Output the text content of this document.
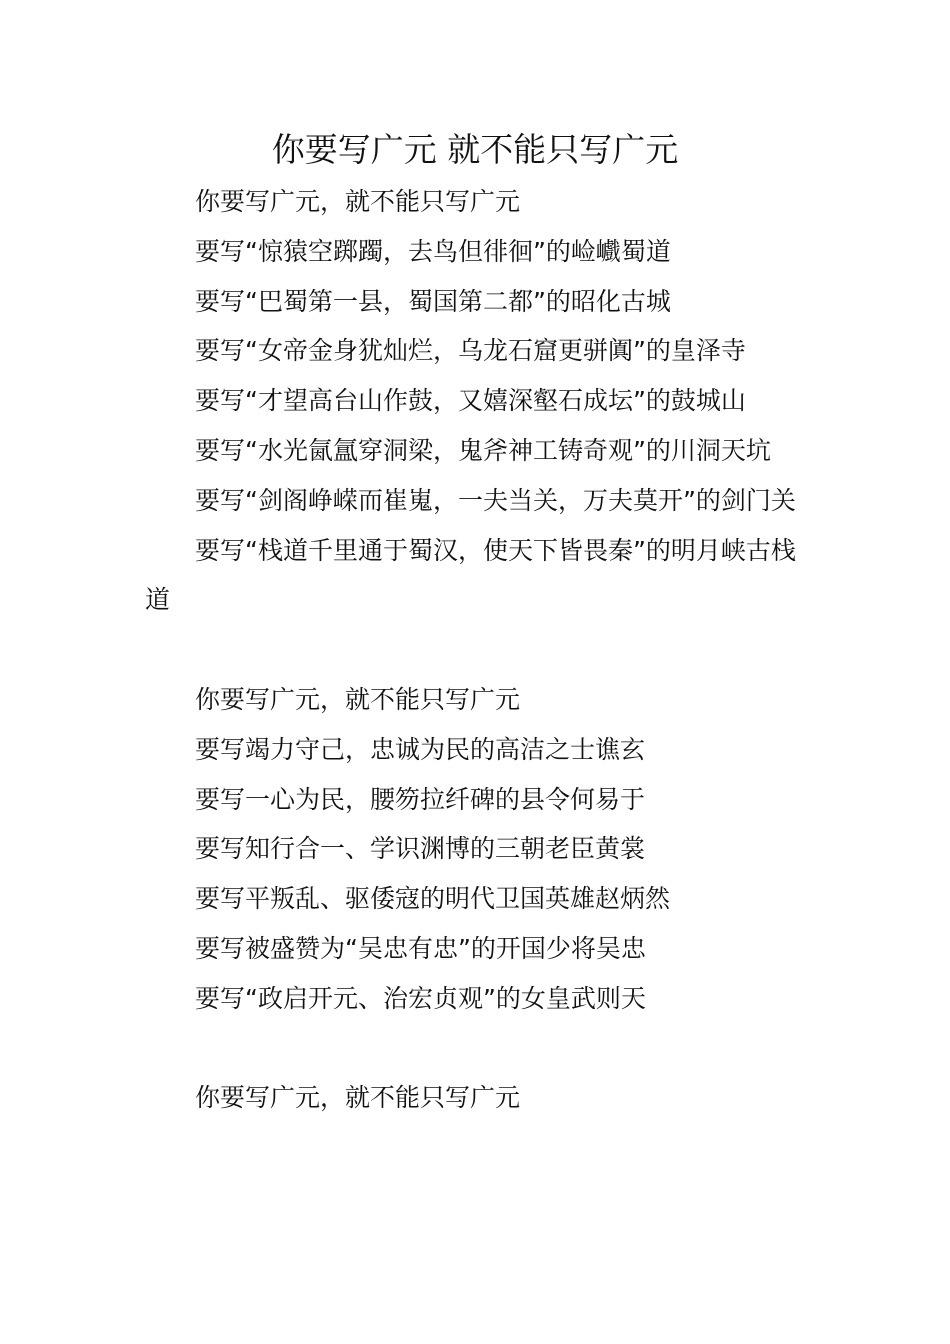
你要写广元 就不能只写广元

你要写广元，就不能只写广元

要写“惊猿空踯躅，去鸟但徘徊”的崄巇蜀道

要写“巴蜀第一县，蜀国第二都”的昭化古城

要写“女帝金身犹灿烂，乌龙石窟更骈阗”的皇泽寺

要写“才望高台山作鼓，又嬉深壑石成坛”的鼓城山

要写“水光氤氲穿洞梁，鬼斧神工铸奇观”的川洞天坑

要写“剑阁峥嵘而崔嵬，一夫当关，万夫莫开”的剑门关

要写“栈道千里通于蜀汉，使天下皆畏秦”的明月峡古栈道

你要写广元，就不能只写广元

要写竭力守己，忠诚为民的高洁之士谯玄

要写一心为民，腰笏拉纤碑的县令何易于

要写知行合一、学识渊博的三朝老臣黄裳

要写平叛乱、驱倭寇的明代卫国英雄赵炳然

要写被盛赞为“吴忠有忠”的开国少将吴忠

要写“政启开元、治宏贞观”的女皇武则天

你要写广元，就不能只写广元
